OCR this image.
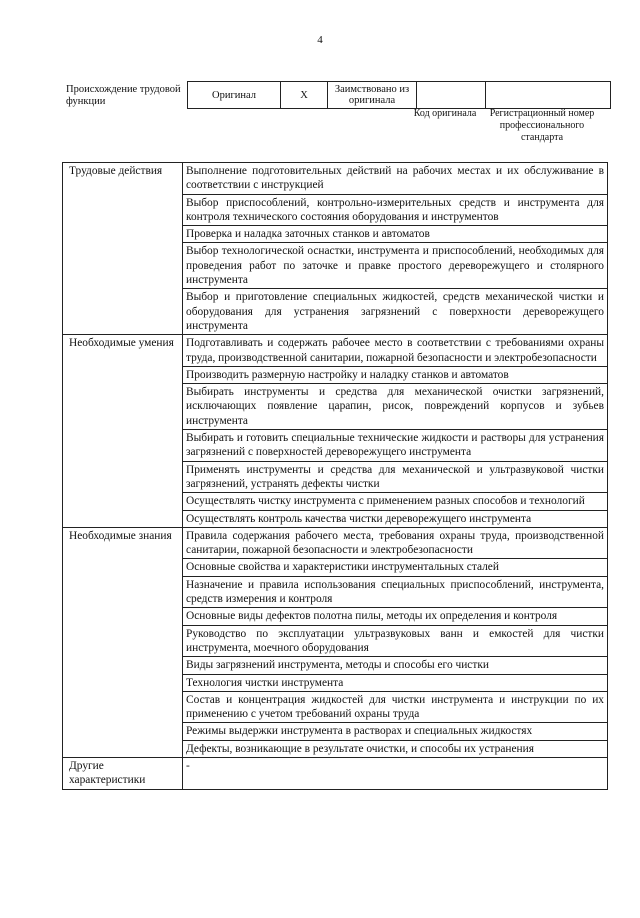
4
Происхождение трудовой функции
Оригинал	X	Заимствовано из оригинала		
Код оригинала	Регистрационный номер профессионального стандарта
Трудовые действия	Выполнение подготовительных действий на рабочих местах и их обслуживание в соответствии с инструкцией
	Выбор приспособлений, контрольно-измерительных средств и инструмента для контроля технического состояния оборудования и инструментов
	Проверка и наладка заточных станков и автоматов
	Выбор технологической оснастки, инструмента и приспособлений, необходимых для проведения работ по заточке и правке простого дереворежущего и столярного инструмента
	Выбор и приготовление специальных жидкостей, средств механической чистки и оборудования для устранения загрязнений с поверхности дереворежущего инструмента
Необходимые умения	Подготавливать и содержать рабочее место в соответствии с требованиями охраны труда, производственной санитарии, пожарной безопасности и электробезопасности
	Производить размерную настройку и наладку станков и автоматов
	Выбирать инструменты и средства для механической очистки загрязнений, исключающих появление царапин, рисок, повреждений корпусов и зубьев инструмента
	Выбирать и готовить специальные технические жидкости и растворы для устранения загрязнений с поверхностей дереворежущего инструмента
	Применять инструменты и средства для механической и ультразвуковой чистки загрязнений, устранять дефекты чистки
	Осуществлять чистку инструмента с применением разных способов и технологий
	Осуществлять контроль качества чистки дереворежущего инструмента
Необходимые знания	Правила содержания рабочего места, требования охраны труда, производственной санитарии, пожарной безопасности и электробезопасности
	Основные свойства и характеристики инструментальных сталей
	Назначение и правила использования специальных приспособлений, инструмента, средств измерения и контроля
	Основные виды дефектов полотна пилы, методы их определения и контроля
	Руководство по эксплуатации ультразвуковых ванн и емкостей для чистки инструмента, моечного оборудования
	Виды загрязнений инструмента, методы и способы его чистки
	Технология чистки инструмента
	Состав и концентрация жидкостей для чистки инструмента и инструкции по их применению с учетом требований охраны труда
	Режимы выдержки инструмента в растворах и специальных жидкостях
	Дефекты, возникающие в результате очистки, и способы их устранения
Другие характеристики	-
